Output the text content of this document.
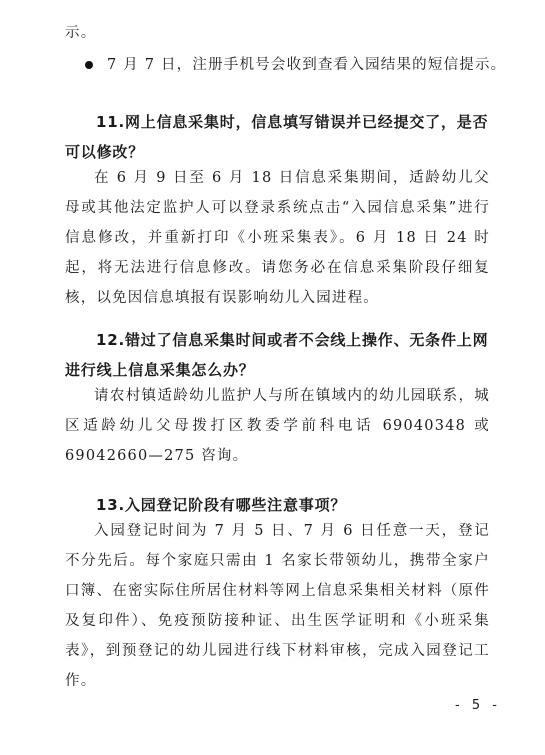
示。

7 月 7 日，注册手机号会收到查看入园结果的短信提示。

11.网上信息采集时，信息填写错误并已经提交了，是否

可以修改？

在 6 月 9 日至 6 月 18 日信息采集期间，适龄幼儿父母或其他法定监护人可以登录系统点击“入园信息采集”进行信息修改，并重新打印《小班采集表》。6 月 18 日 24 时起，将无法进行信息修改。请您务必在信息采集阶段仔细复核，以免因信息填报有误影响幼儿入园进程。

12.错过了信息采集时间或者不会线上操作、无条件上网

进行线上信息采集怎么办？

请农村镇适龄幼儿监护人与所在镇域内的幼儿园联系，城区适龄幼儿父母拨打区教委学前科电话 69040348 或 69042660—275 咨询。

13.入园登记阶段有哪些注意事项？

入园登记时间为 7 月 5 日、7 月 6 日任意一天，登记不分先后。每个家庭只需由 1 名家长带领幼儿，携带全家户口簿、在密实际住所居住材料等网上信息采集相关材料（原件及复印件）、免疫预防接种证、出生医学证明和《小班采集表》，到预登记的幼儿园进行线下材料审核，完成入园登记工作。

- 5 -
